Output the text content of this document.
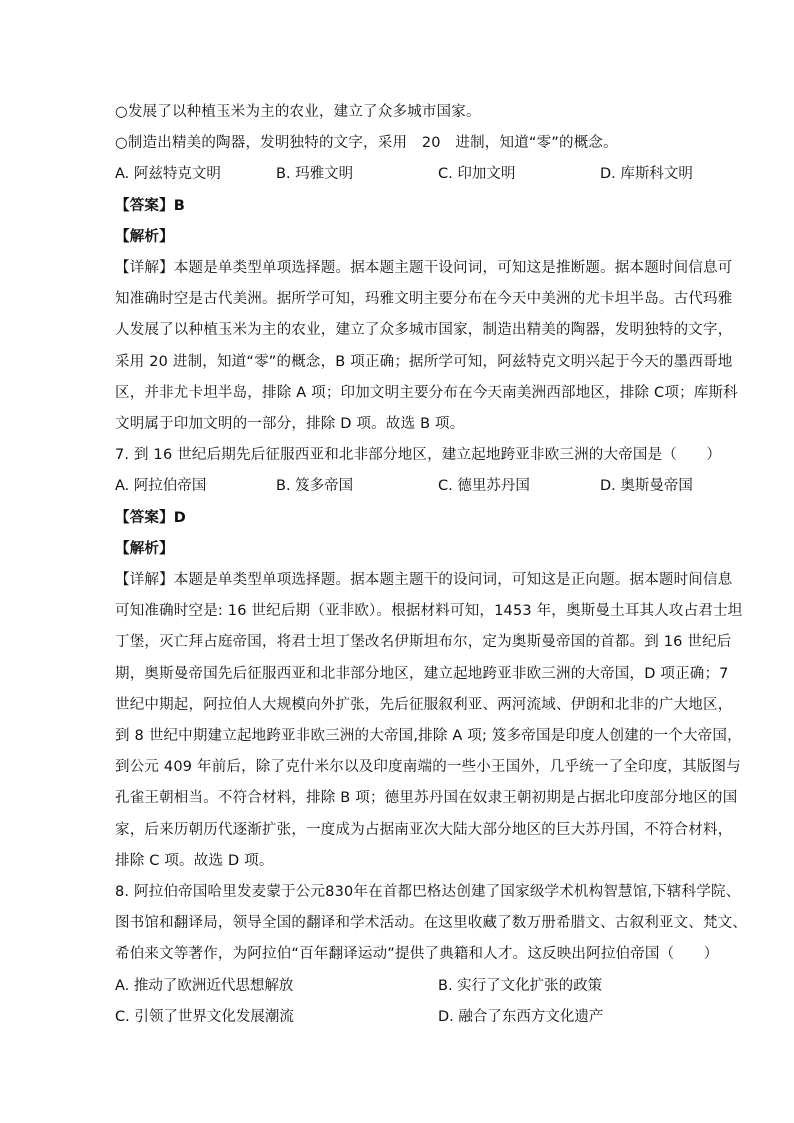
○发展了以种植玉米为主的农业，建立了众多城市国家。
○制造出精美的陶器，发明独特的文字，采用　20　进制，知道“零”的概念。
A. 阿兹特克文明	B. 玛雅文明	C. 印加文明	D. 库斯科文明
【答案】B
【解析】
【详解】本题是单类型单项选择题。据本题主题干设问词，可知这是推断题。据本题时间信息可
知准确时空是古代美洲。据所学可知，玛雅文明主要分布在今天中美洲的尤卡坦半岛。古代玛雅
人发展了以种植玉米为主的农业，建立了众多城市国家，制造出精美的陶器，发明独特的文字，
采用 20 进制，知道“零”的概念，B 项正确；据所学可知，阿兹特克文明兴起于今天的墨西哥地
区，并非尤卡坦半岛，排除 A 项；印加文明主要分布在今天南美洲西部地区，排除 C项；库斯科
文明属于印加文明的一部分，排除 D 项。故选 B 项。
7. 到 16 世纪后期先后征服西亚和北非部分地区，建立起地跨亚非欧三洲的大帝国是（　　）
A. 阿拉伯帝国	B. 笈多帝国	C. 德里苏丹国	D. 奥斯曼帝国
【答案】D
【解析】
【详解】本题是单类型单项选择题。据本题主题干的设问词，可知这是正向题。据本题时间信息
可知准确时空是: 16 世纪后期（亚非欧）。根据材料可知，1453 年，奥斯曼土耳其人攻占君士坦
丁堡，灭亡拜占庭帝国，将君士坦丁堡改名伊斯坦布尔，定为奥斯曼帝国的首都。到 16 世纪后
期，奥斯曼帝国先后征服西亚和北非部分地区，建立起地跨亚非欧三洲的大帝国，D 项正确；7
世纪中期起，阿拉伯人大规模向外扩张，先后征服叙利亚、两河流域、伊朗和北非的广大地区，
到 8 世纪中期建立起地跨亚非欧三洲的大帝国,排除 A 项; 笈多帝国是印度人创建的一个大帝国，
到公元 409 年前后，除了克什米尔以及印度南端的一些小王国外，几乎统一了全印度，其版图与
孔雀王朝相当。不符合材料，排除 B 项；德里苏丹国在奴隶王朝初期是占据北印度部分地区的国
家，后来历朝历代逐渐扩张，一度成为占据南亚次大陆大部分地区的巨大苏丹国，不符合材料，
排除 C 项。故选 D 项。
8. 阿拉伯帝国哈里发麦蒙于公元830年在首都巴格达创建了国家级学术机构智慧馆,下辖科学院、
图书馆和翻译局，领导全国的翻译和学术活动。在这里收藏了数万册希腊文、古叙利亚文、梵文、
希伯来文等著作，为阿拉伯“百年翻译运动”提供了典籍和人才。这反映出阿拉伯帝国（　　）
A. 推动了欧洲近代思想解放	B. 实行了文化扩张的政策
C. 引领了世界文化发展潮流	D. 融合了东西方文化遗产
